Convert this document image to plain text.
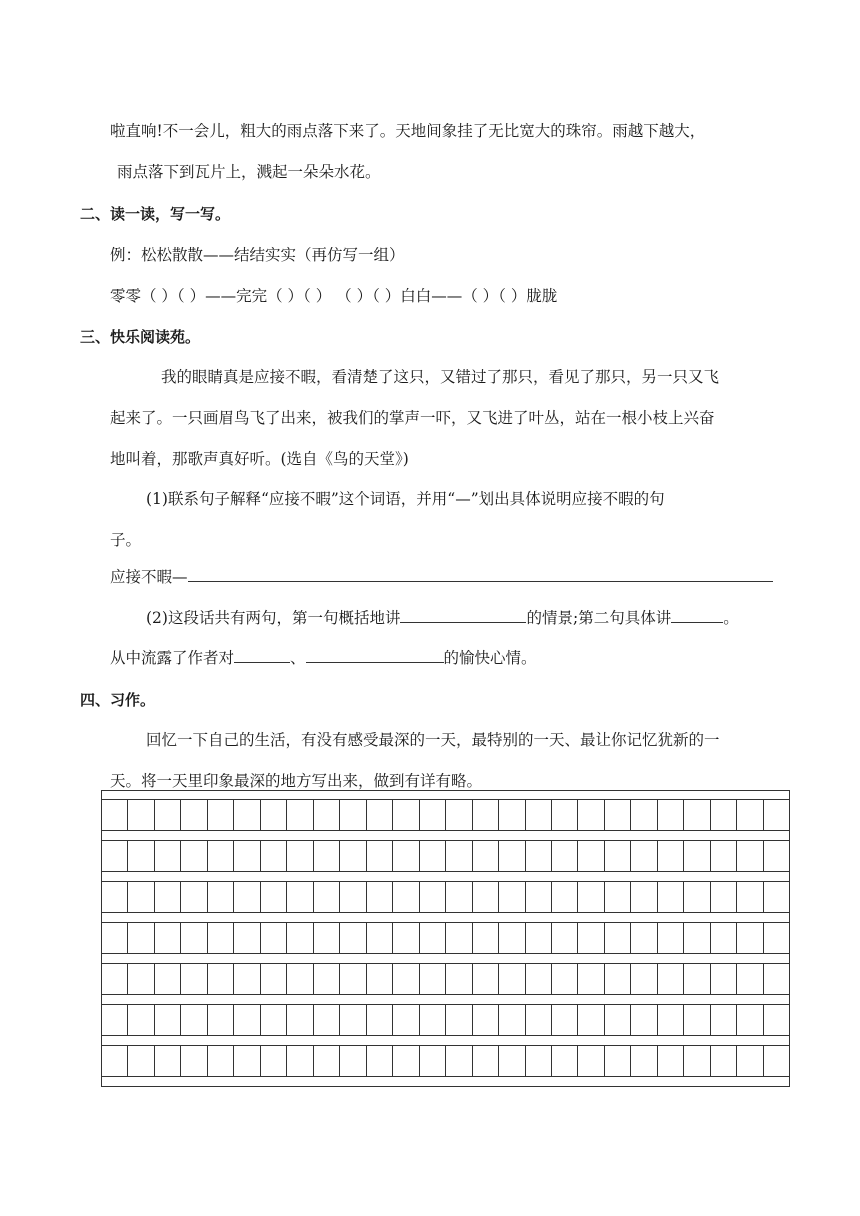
啦直响!不一会儿，粗大的雨点落下来了。天地间象挂了无比宽大的珠帘。雨越下越大，
雨点落下到瓦片上，溅起一朵朵水花。
二、读一读，写一写。
例：松松散散——结结实实（再仿写一组）
零零（ ）（ ）——完完（ ）（ ） （ ）（ ）白白——（ ）（ ）胧胧
三、快乐阅读苑。
我的眼睛真是应接不暇，看清楚了这只，又错过了那只，看见了那只，另一只又飞
起来了。一只画眉鸟飞了出来，被我们的掌声一吓，又飞进了叶丛，站在一根小枝上兴奋
地叫着，那歌声真好听。(选自《鸟的天堂》)
(1)联系句子解释“应接不暇”这个词语，并用“—”划出具体说明应接不暇的句
子。
应接不暇—
(2)这段话共有两句，第一句概括地讲	的情景;第二句具体讲	。
从中流露了作者对	、	的愉快心情。
四、习作。
回忆一下自己的生活，有没有感受最深的一天，最特别的一天、最让你记忆犹新的一
天。将一天里印象最深的地方写出来，做到有详有略。
